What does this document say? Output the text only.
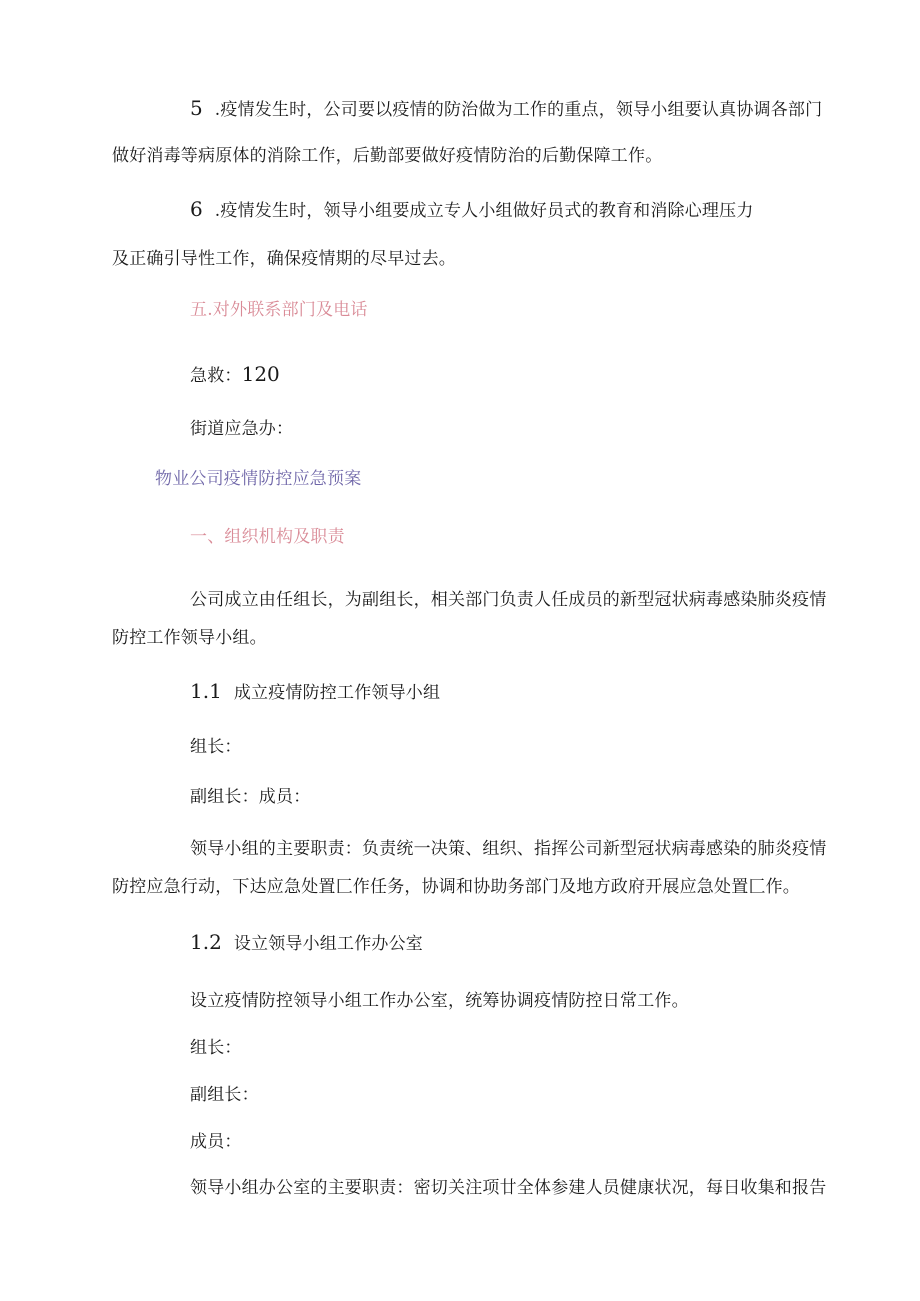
5 .疫情发生时，公司要以疫情的防治做为工作的重点，领导小组要认真协调各部门
做好消毒等病原体的消除工作，后勤部要做好疫情防治的后勤保障工作。
6 .疫情发生时，领导小组要成立专人小组做好员式的教育和消除心理压力
及正确引导性工作，确保疫情期的尽早过去。
五.对外联系部门及电话
急救：120
街道应急办：
物业公司疫情防控应急预案
一、组织机构及职责
公司成立由任组长，为副组长，相关部门负责人任成员的新型冠状病毒感染肺炎疫情
防控工作领导小组。
1.1 成立疫情防控工作领导小组
组长：
副组长：成员：
领导小组的主要职责：负责统一决策、组织、指挥公司新型冠状病毒感染的肺炎疫情
防控应急行动，下达应急处置匚作任务，协调和协助务部门及地方政府开展应急处置匚作。
1.2 设立领导小组工作办公室
设立疫情防控领导小组工作办公室，统筹协调疫情防控日常工作。
组长：
副组长：
成员：
领导小组办公室的主要职责：密切关注项廿全体参建人员健康状况，每日收集和报告
